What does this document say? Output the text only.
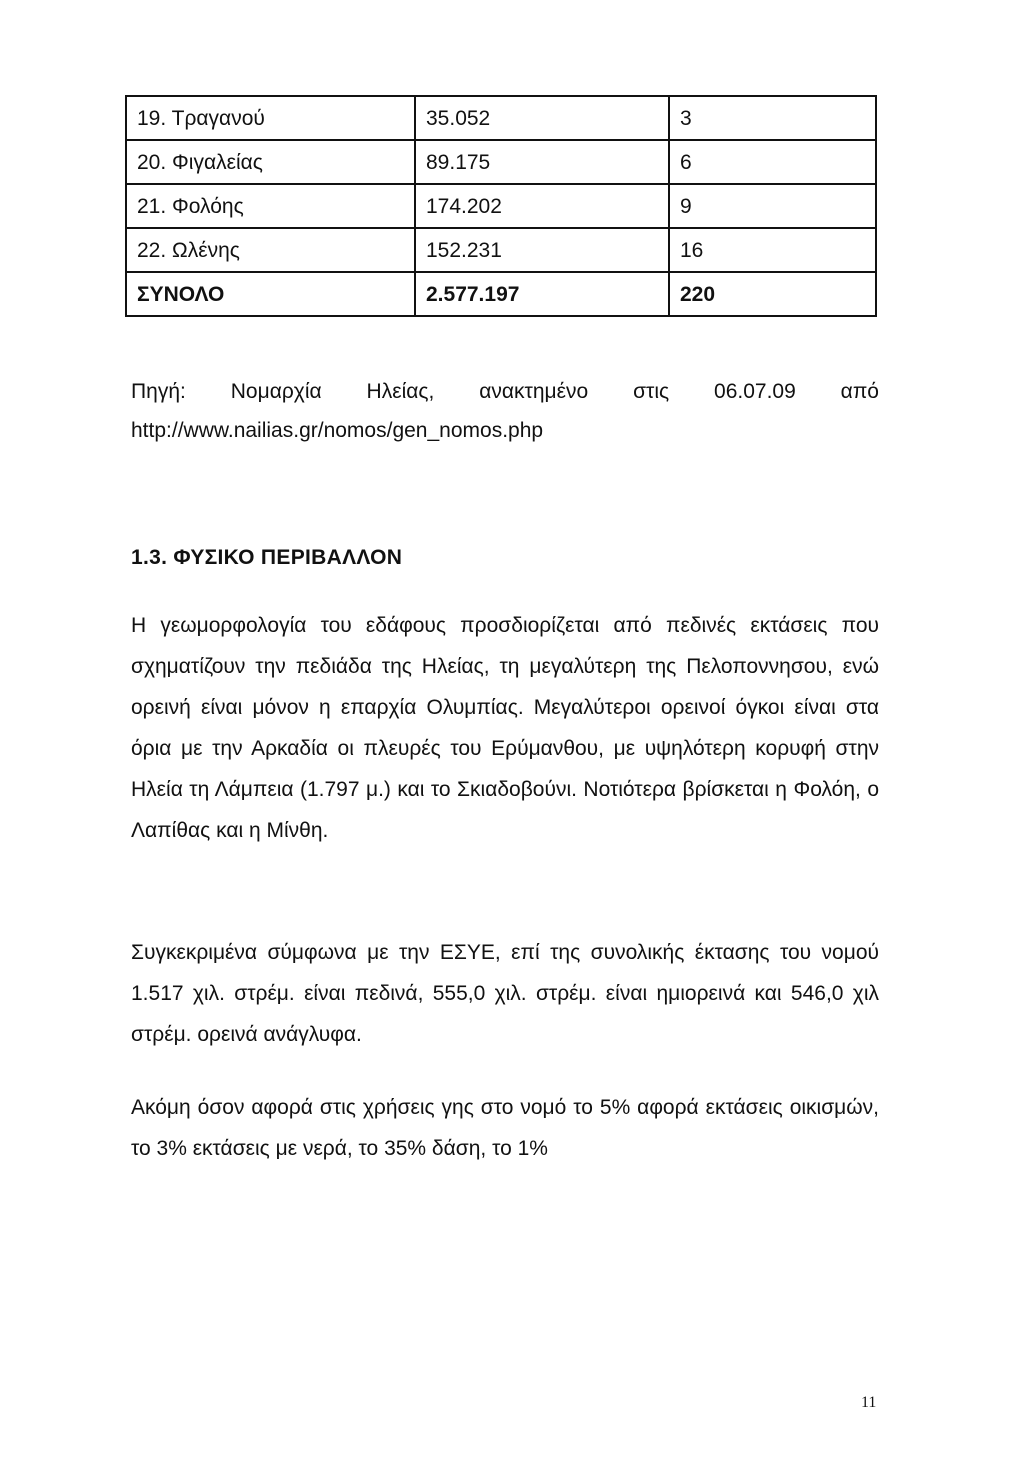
19. Τραγανού	35.052	3
20. Φιγαλείας	89.175	6
21. Φολόης	174.202	9
22. Ωλένης	152.231	16
ΣΥΝΟΛΟ	2.577.197	220
Πηγή: Νομαρχία Ηλείας, ανακτημένο στις 06.07.09 από
http://www.nailias.gr/nomos/gen_nomos.php
1.3. ΦΥΣΙΚΟ ΠΕΡΙΒΑΛΛΟΝ

Η γεωμορφολογία του εδάφους προσδιορίζεται από πεδινές εκτάσεις που σχηματίζουν την πεδιάδα της Ηλείας, τη μεγαλύτερη της Πελοποννησου, ενώ ορεινή είναι μόνον η επαρχία Ολυμπίας. Μεγαλύτεροι ορεινοί όγκοι είναι στα όρια με την Αρκαδία οι πλευρές του Ερύμανθου, με υψηλότερη κορυφή στην Ηλεία τη Λάμπεια (1.797 μ.) και το Σκιαδοβούνι. Νοτιότερα βρίσκεται η Φολόη, ο Λαπίθας και η Μίνθη.

Συγκεκριμένα σύμφωνα με την ΕΣΥΕ, επί της συνολικής έκτασης του νομού 1.517 χιλ. στρέμ. είναι πεδινά, 555,0 χιλ. στρέμ. είναι ημιορεινά και 546,0 χιλ στρέμ. ορεινά ανάγλυφα.

Ακόμη όσον αφορά στις χρήσεις γης στο νομό το 5% αφορά εκτάσεις οικισμών, το 3% εκτάσεις με νερά, το 35% δάση, το 1%

11
